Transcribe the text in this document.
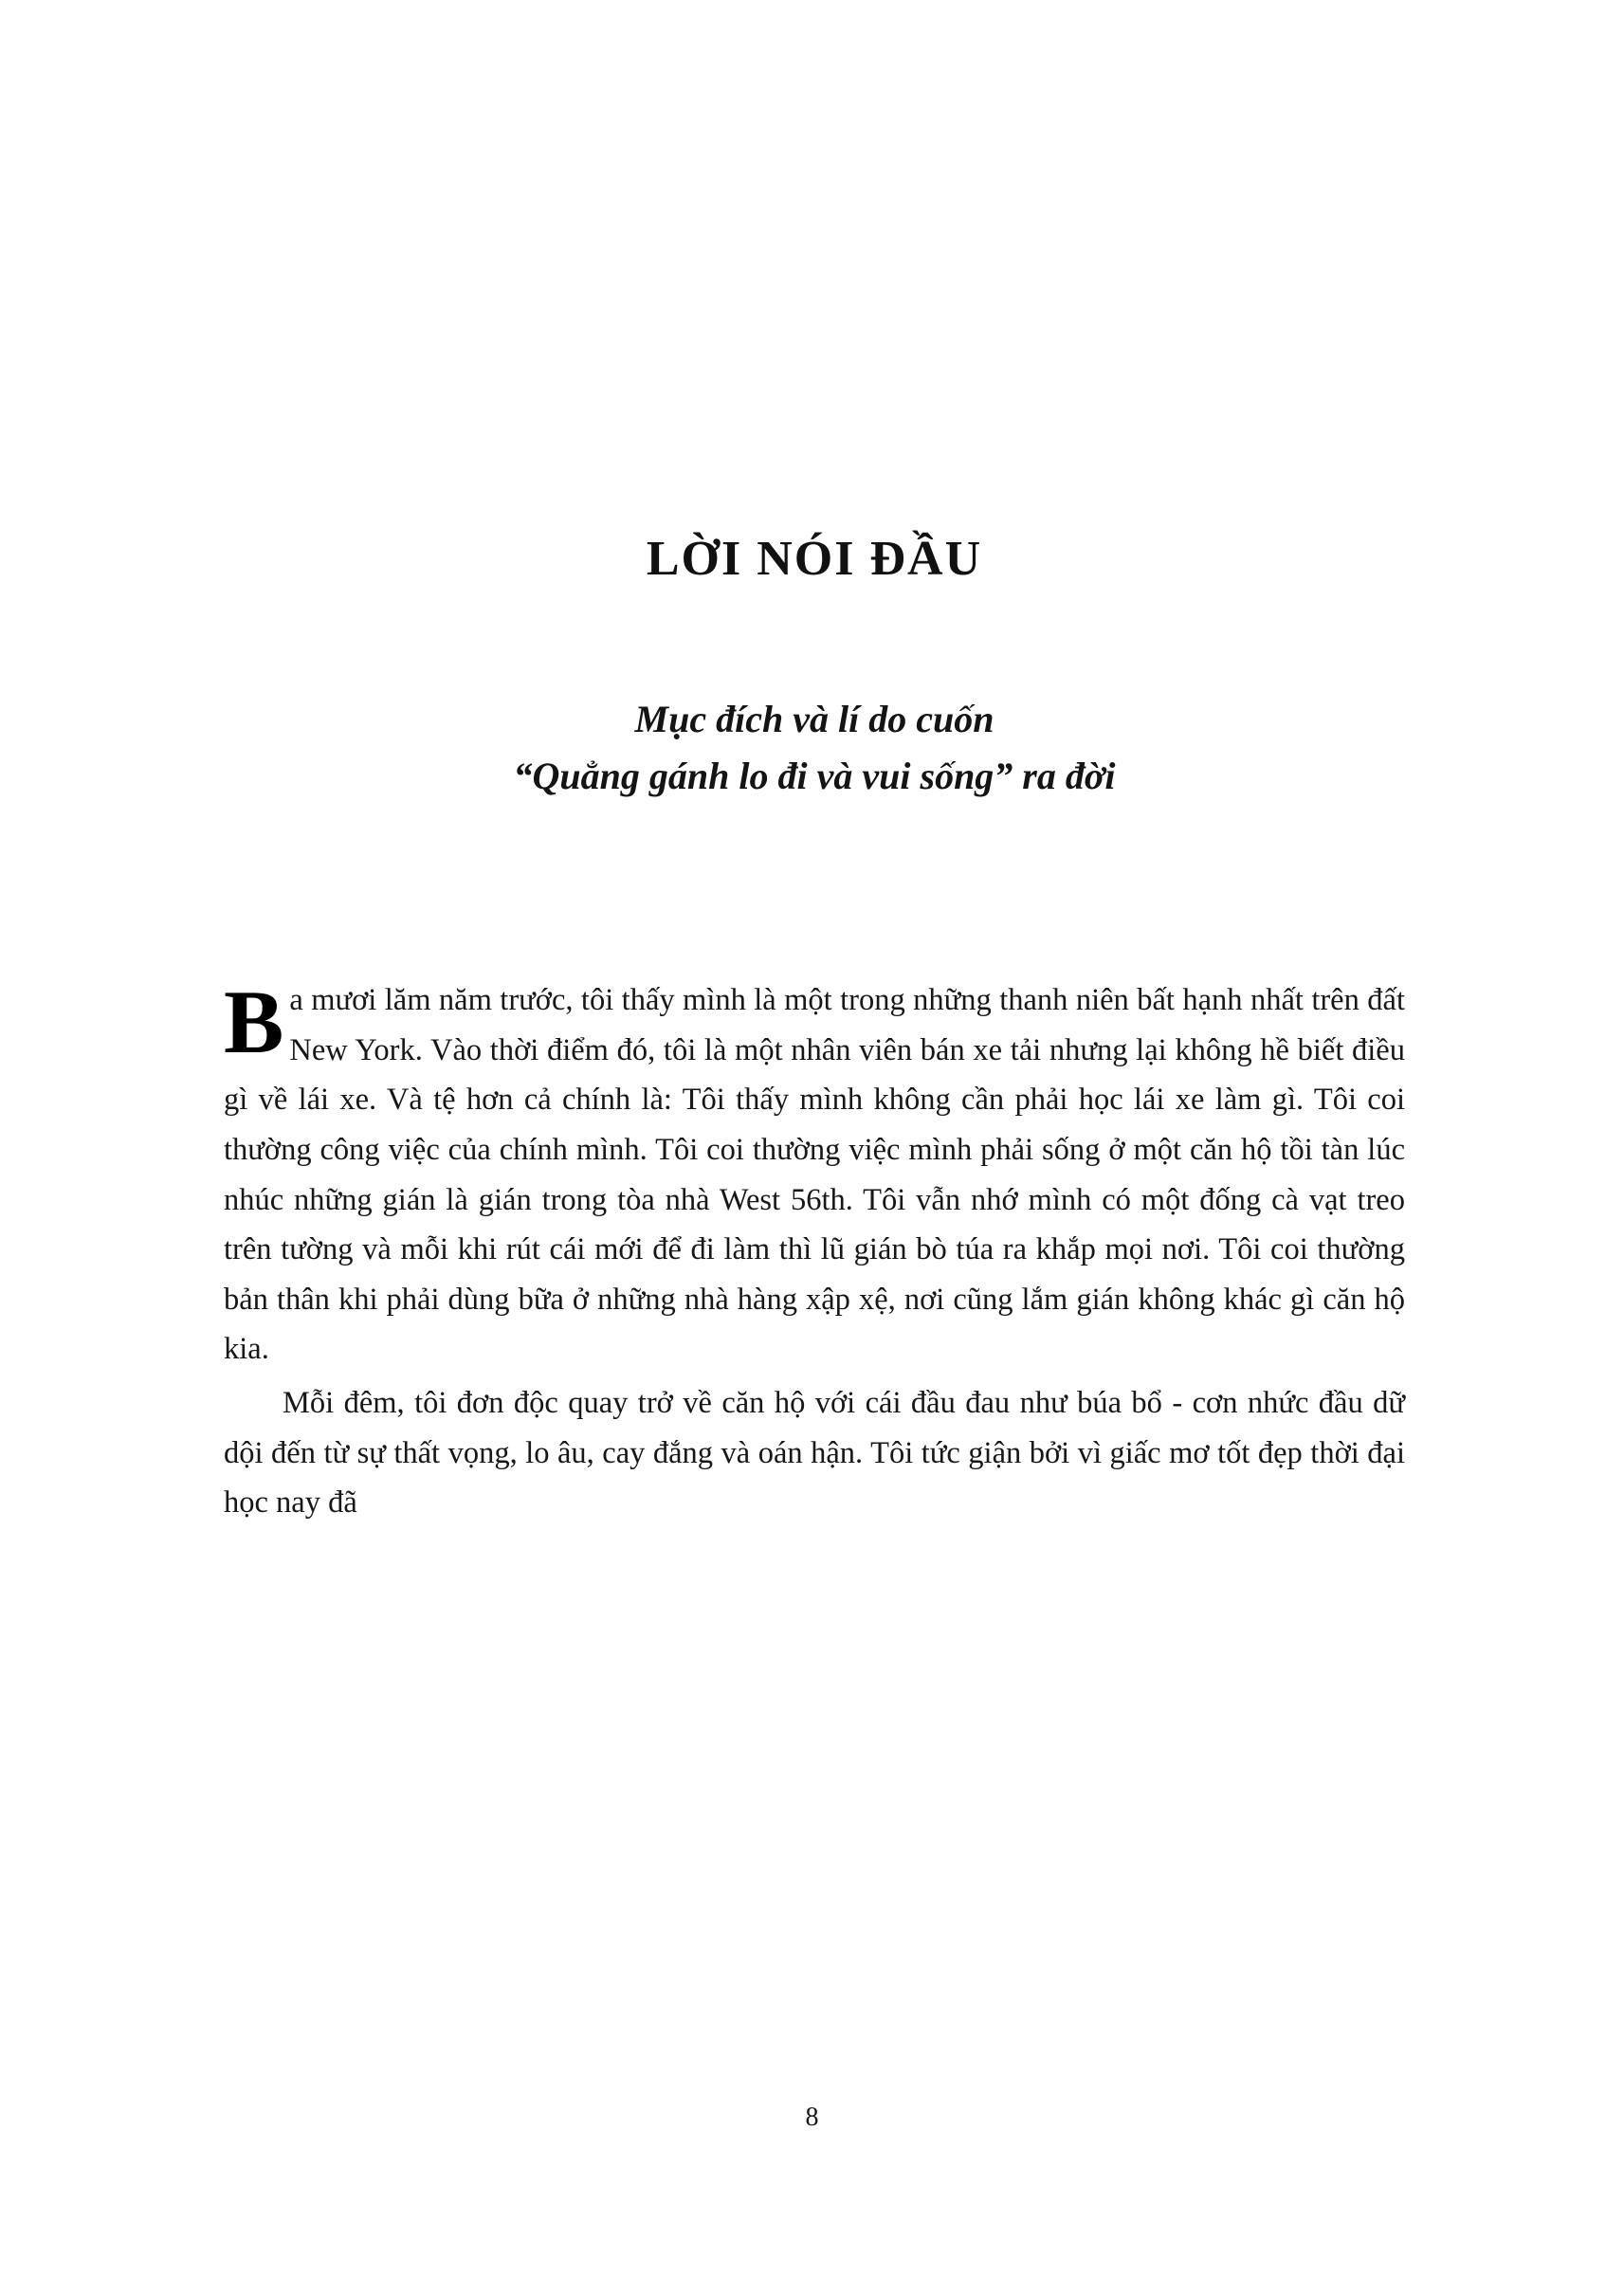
LỜI NÓI ĐẦU
Mục đích và lí do cuốn
“Quẳng gánh lo đi và vui sống” ra đời

Ba mươi lăm năm trước, tôi thấy mình là một trong những thanh niên bất hạnh nhất trên đất New York. Vào thời điểm đó, tôi là một nhân viên bán xe tải nhưng lại không hề biết điều gì về lái xe. Và tệ hơn cả chính là: Tôi thấy mình không cần phải học lái xe làm gì. Tôi coi thường công việc của chính mình. Tôi coi thường việc mình phải sống ở một căn hộ tồi tàn lúc nhúc những gián là gián trong tòa nhà West 56th. Tôi vẫn nhớ mình có một đống cà vạt treo trên tường và mỗi khi rút cái mới để đi làm thì lũ gián bò túa ra khắp mọi nơi. Tôi coi thường bản thân khi phải dùng bữa ở những nhà hàng xập xệ, nơi cũng lắm gián không khác gì căn hộ kia.

Mỗi đêm, tôi đơn độc quay trở về căn hộ với cái đầu đau như búa bổ - cơn nhức đầu dữ dội đến từ sự thất vọng, lo âu, cay đắng và oán hận. Tôi tức giận bởi vì giấc mơ tốt đẹp thời đại học nay đã

8
